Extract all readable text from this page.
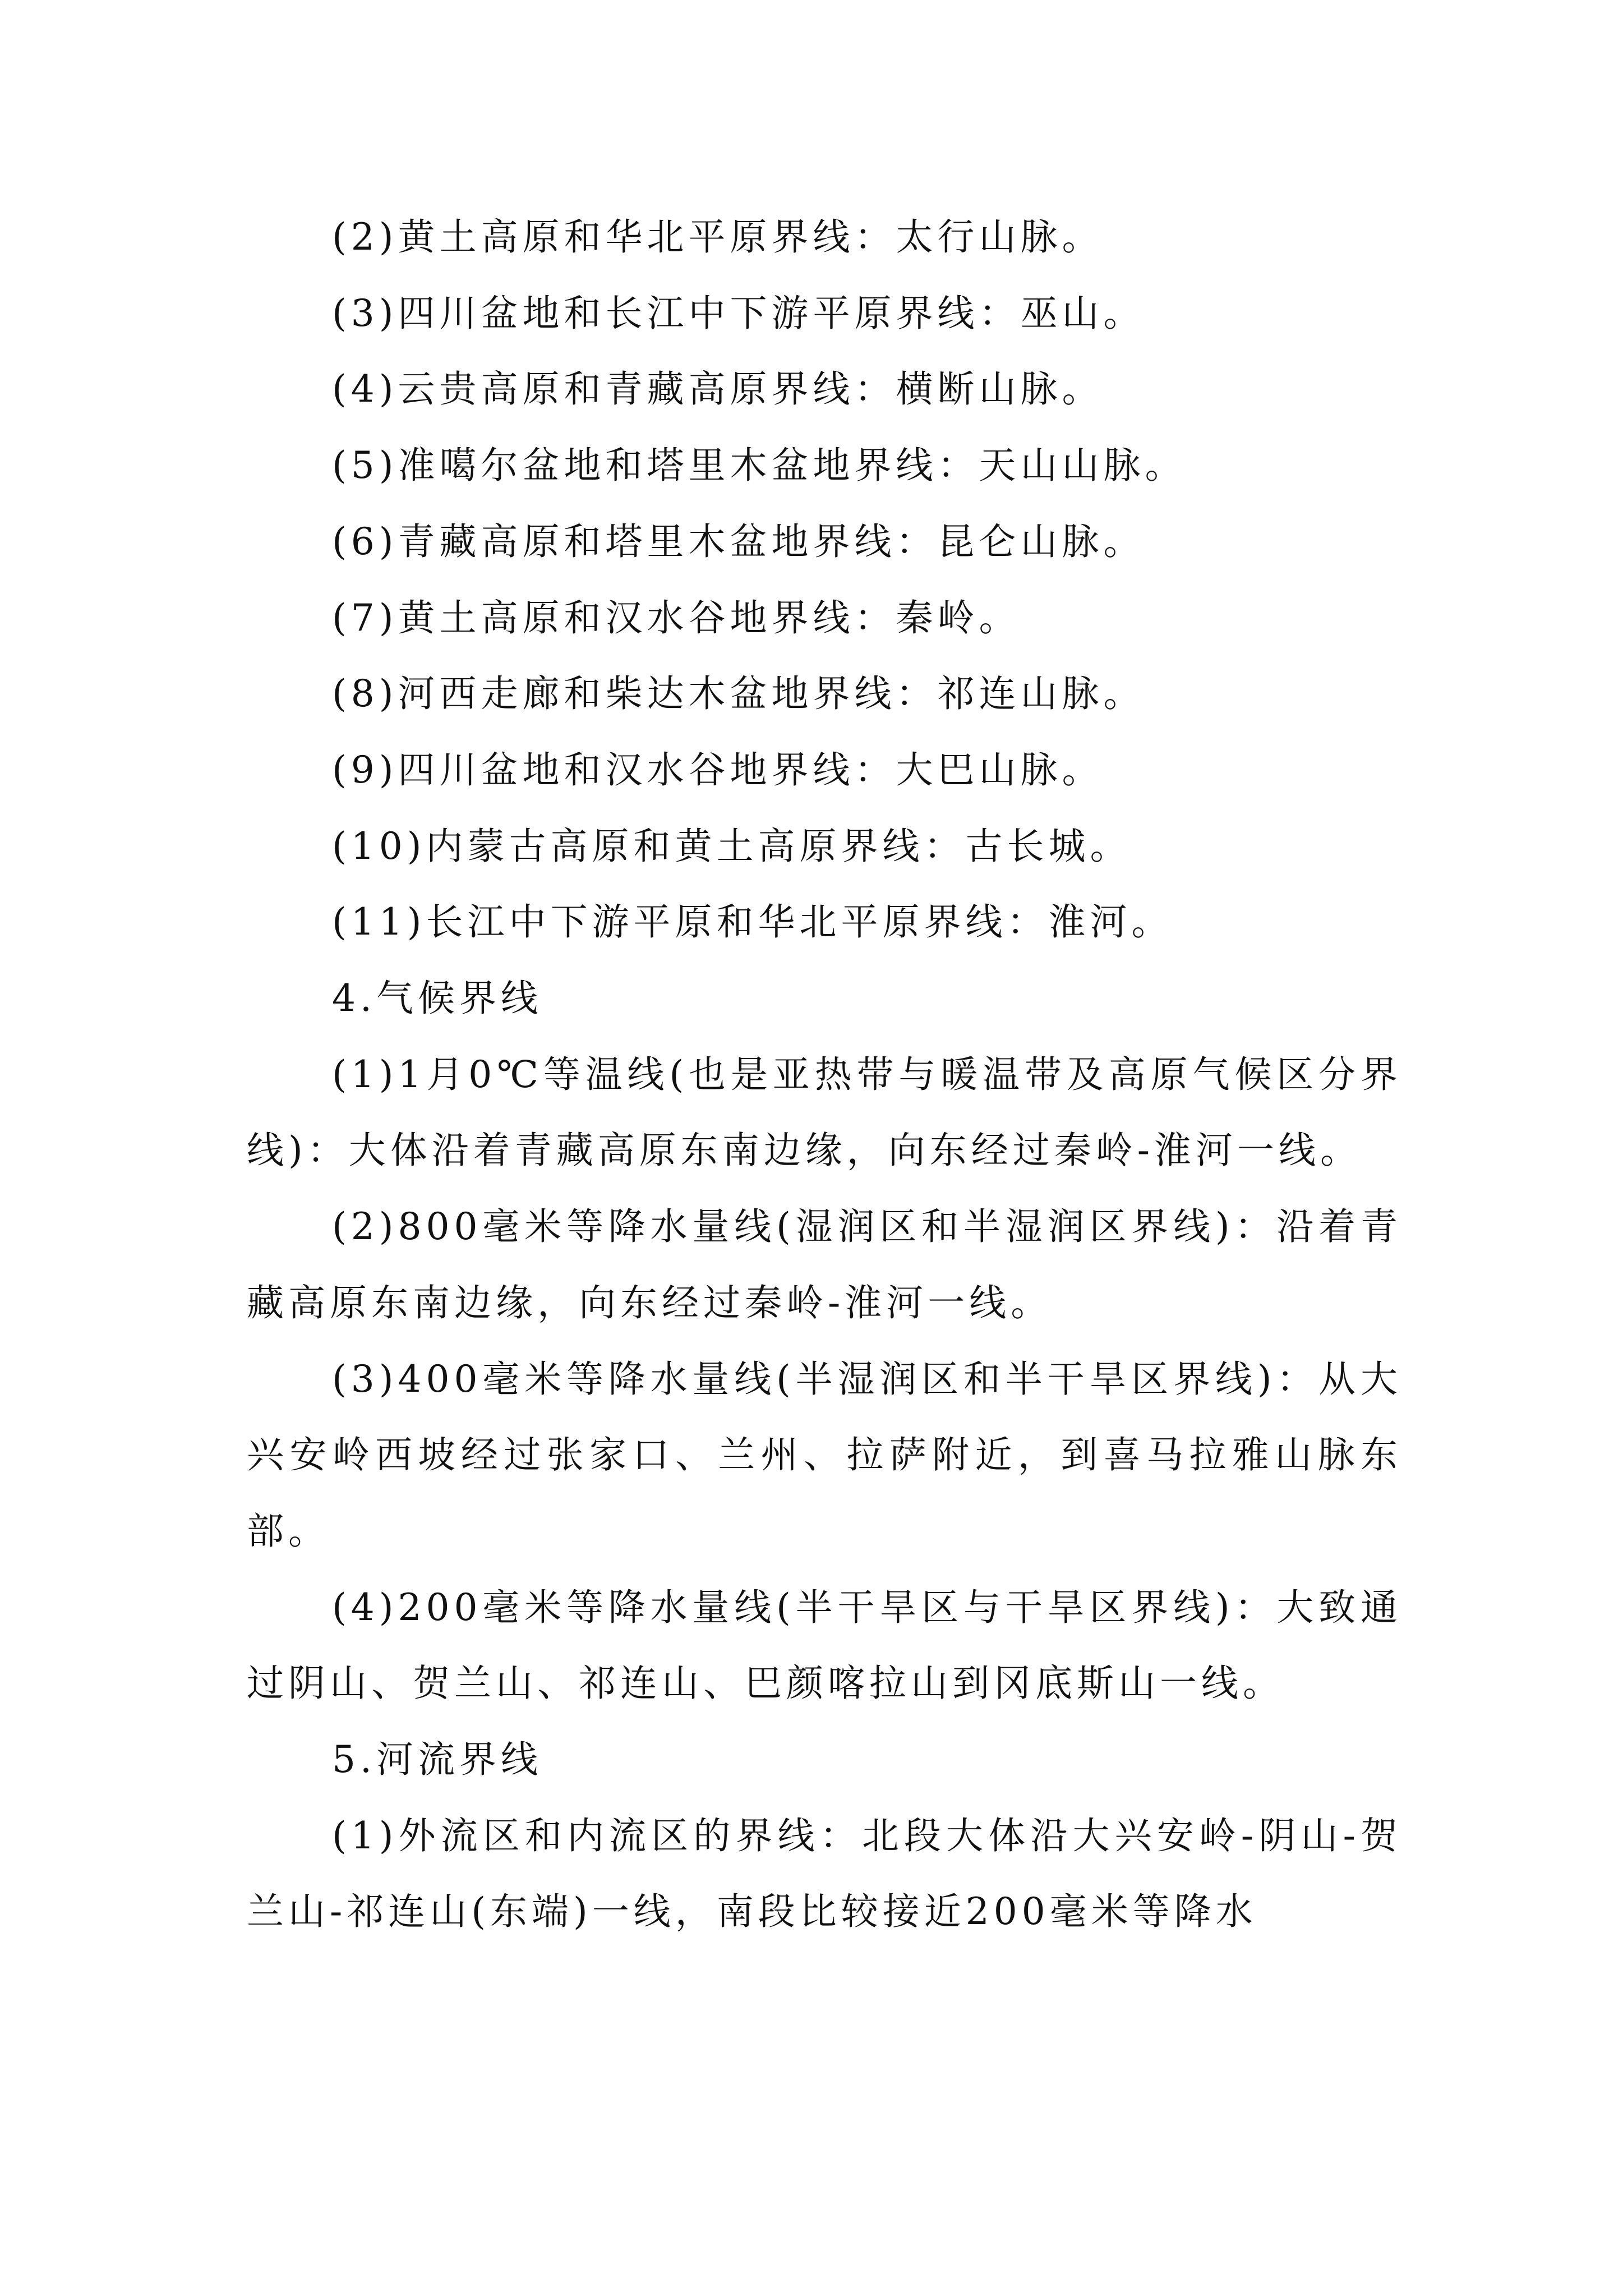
(2)黄土高原和华北平原界线：太行山脉。

(3)四川盆地和长江中下游平原界线：巫山。

(4)云贵高原和青藏高原界线：横断山脉。

(5)准噶尔盆地和塔里木盆地界线：天山山脉。

(6)青藏高原和塔里木盆地界线：昆仑山脉。

(7)黄土高原和汉水谷地界线：秦岭。

(8)河西走廊和柴达木盆地界线：祁连山脉。

(9)四川盆地和汉水谷地界线：大巴山脉。

(10)内蒙古高原和黄土高原界线：古长城。

(11)长江中下游平原和华北平原界线：淮河。

4.气候界线

(1)1月0℃等温线(也是亚热带与暖温带及高原气候区分界线)：大体沿着青藏高原东南边缘，向东经过秦岭-淮河一线。

(2)800毫米等降水量线(湿润区和半湿润区界线)：沿着青藏高原东南边缘，向东经过秦岭-淮河一线。

(3)400毫米等降水量线(半湿润区和半干旱区界线)：从大兴安岭西坡经过张家口、兰州、拉萨附近，到喜马拉雅山脉东部。

(4)200毫米等降水量线(半干旱区与干旱区界线)：大致通过阴山、贺兰山、祁连山、巴颜喀拉山到冈底斯山一线。

5.河流界线

(1)外流区和内流区的界线：北段大体沿大兴安岭-阴山-贺兰山-祁连山(东端)一线，南段比较接近200毫米等降水
